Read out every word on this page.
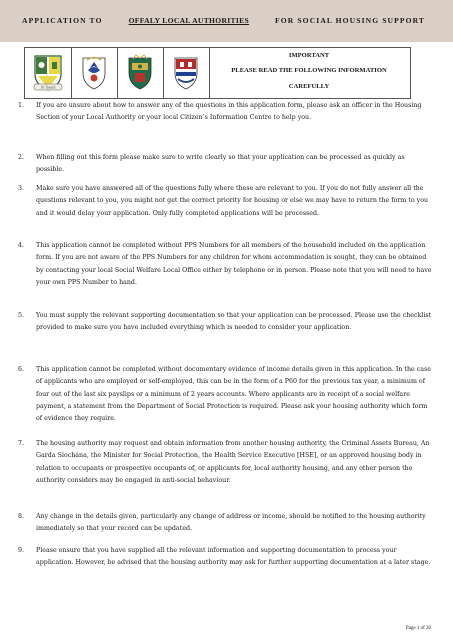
APPLICATION TO	OFFALY LOCAL AUTHORITIES	FOR SOCIAL HOUSING SUPPORT
Ar Tosach
IMPORTANT
PLEASE READ THE FOLLOWING INFORMATION
CAREFULLY
1. If you are unsure about how to answer any of the questions in this application form, please ask an officer in the Housing Section of your Local Authority or your local Citizen’s Information Centre to help you.
2. When filling out this form please make sure to write clearly so that your application can be processed as quickly as possible.
3. Make sure you have answered all of the questions fully where these are relevant to you. If you do not fully answer all the questions relevant to you, you might not get the correct priority for housing or else we may have to return the form to you and it would delay your application. Only fully completed applications will be processed.
4. This application cannot be completed without PPS Numbers for all members of the household included on the application form. If you are not aware of the PPS Numbers for any children for whom accommodation is sought, they can be obtained by contacting your local Social Welfare Local Office either by telephone or in person. Please note that you will need to have your own PPS Number to hand.
5. You must supply the relevant supporting documentation so that your application can be processed. Please use the checklist provided to make sure you have included everything which is needed to consider your application.
6. This application cannot be completed without documentary evidence of income details given in this application. In the case of applicants who are employed or self-employed, this can be in the form of a P60 for the previous tax year, a minimum of four out of the last six payslips or a minimum of 2 years accounts. Where applicants are in receipt of a social welfare payment, a statement from the Department of Social Protection is required. Please ask your housing authority which form of evidence they require.
7. The housing authority may request and obtain information from another housing authority, the Criminal Assets Bureau, An Garda Síochána, the Minister for Social Protection, the Health Service Executive [HSE], or an approved housing body in relation to occupants or prospective occupants of, or applicants for, local authority housing, and any other person the authority considers may be engaged in anti-social behaviour.
8. Any change in the details given, particularly any change of address or income, should be notified to the housing authority immediately so that your record can be updated.
9. Please ensure that you have supplied all the relevant information and supporting documentation to process your application. However, be advised that the housing authority may ask for further supporting documentation at a later stage.
Page 1 of 20
